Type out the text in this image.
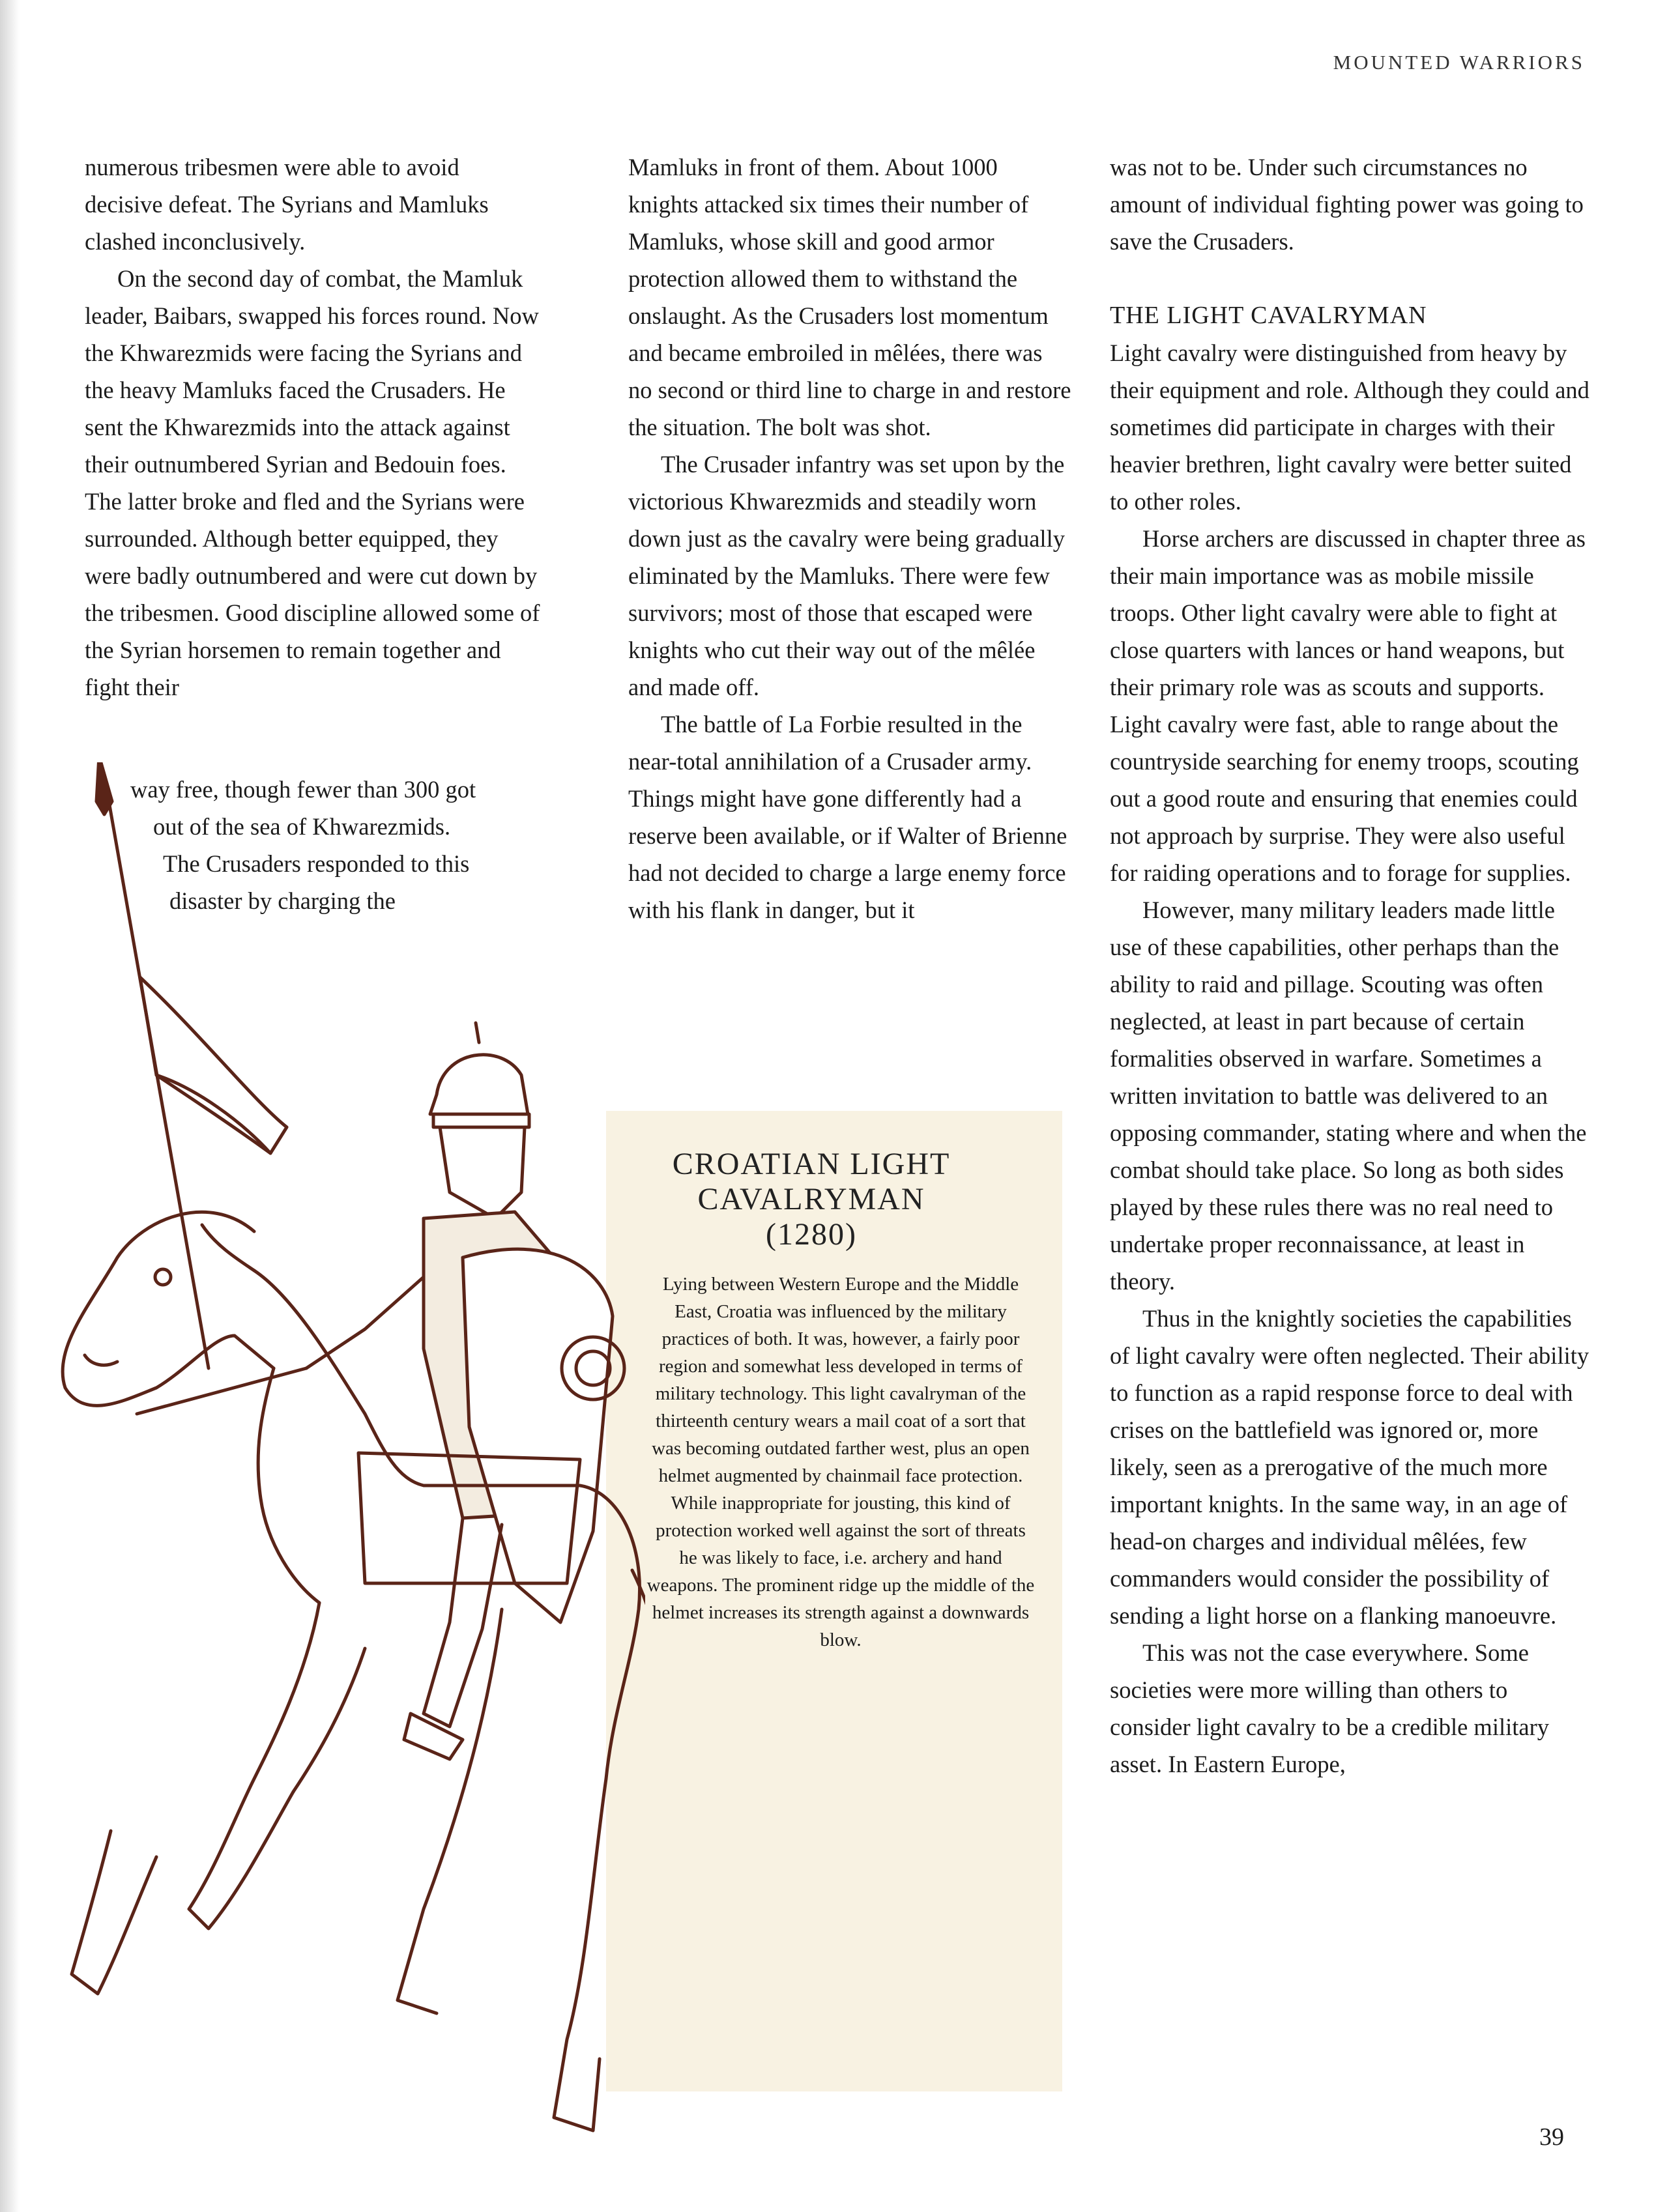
MOUNTED WARRIORS

numerous tribesmen were able to avoid decisive defeat. The Syrians and Mamluks clashed inconclusively.

On the second day of combat, the Mamluk leader, Baibars, swapped his forces round. Now the Khwarezmids were facing the Syrians and the heavy Mamluks faced the Crusaders. He sent the Khwarezmids into the attack against their outnumbered Syrian and Bedouin foes. The latter broke and fled and the Syrians were surrounded. Although better equipped, they were badly outnumbered and were cut down by the tribesmen. Good discipline allowed some of the Syrian horsemen to remain together and fight their

way free, though fewer than 300 got
out of the sea of Khwarezmids.
The Crusaders responded to this
disaster by charging the

Mamluks in front of them. About 1000 knights attacked six times their number of Mamluks, whose skill and good armor protection allowed them to withstand the onslaught. As the Crusaders lost momentum and became embroiled in mêlées, there was no second or third line to charge in and restore the situation. The bolt was shot.

The Crusader infantry was set upon by the victorious Khwarezmids and steadily worn down just as the cavalry were being gradually eliminated by the Mamluks. There were few survivors; most of those that escaped were knights who cut their way out of the mêlée and made off.

The battle of La Forbie resulted in the near-total annihilation of a Crusader army. Things might have gone differently had a reserve been available, or if Walter of Brienne had not decided to charge a large enemy force with his flank in danger, but it

was not to be. Under such circumstances no amount of individual fighting power was going to save the Crusaders.

THE LIGHT CAVALRYMAN

Light cavalry were distinguished from heavy by their equipment and role. Although they could and sometimes did participate in charges with their heavier brethren, light cavalry were better suited to other roles.

Horse archers are discussed in chapter three as their main importance was as mobile missile troops. Other light cavalry were able to fight at close quarters with lances or hand weapons, but their primary role was as scouts and supports. Light cavalry were fast, able to range about the countryside searching for enemy troops, scouting out a good route and ensuring that enemies could not approach by surprise. They were also useful for raiding operations and to forage for supplies.

However, many military leaders made little use of these capabilities, other perhaps than the ability to raid and pillage. Scouting was often neglected, at least in part because of certain formalities observed in warfare. Sometimes a written invitation to battle was delivered to an opposing commander, stating where and when the combat should take place. So long as both sides played by these rules there was no real need to undertake proper reconnaissance, at least in theory.

Thus in the knightly societies the capabilities of light cavalry were often neglected. Their ability to function as a rapid response force to deal with crises on the battlefield was ignored or, more likely, seen as a prerogative of the much more important knights. In the same way, in an age of head-on charges and individual mêlées, few commanders would consider the possibility of sending a light horse on a flanking manoeuvre.

This was not the case everywhere. Some societies were more willing than others to consider light cavalry to be a credible military asset. In Eastern Europe,

CROATIAN LIGHT
CAVALRYMAN
(1280)
Lying between Western Europe and the Middle East, Croatia was influenced by the military practices of both. It was, however, a fairly poor region and somewhat less developed in terms of military technology. This light cavalryman of the thirteenth century wears a mail coat of a sort that was becoming outdated farther west, plus an open helmet augmented by chainmail face protection. While inappropriate for jousting, this kind of protection worked well against the sort of threats he was likely to face, i.e. archery and hand weapons. The prominent ridge up the middle of the helmet increases its strength against a downwards blow.
39
